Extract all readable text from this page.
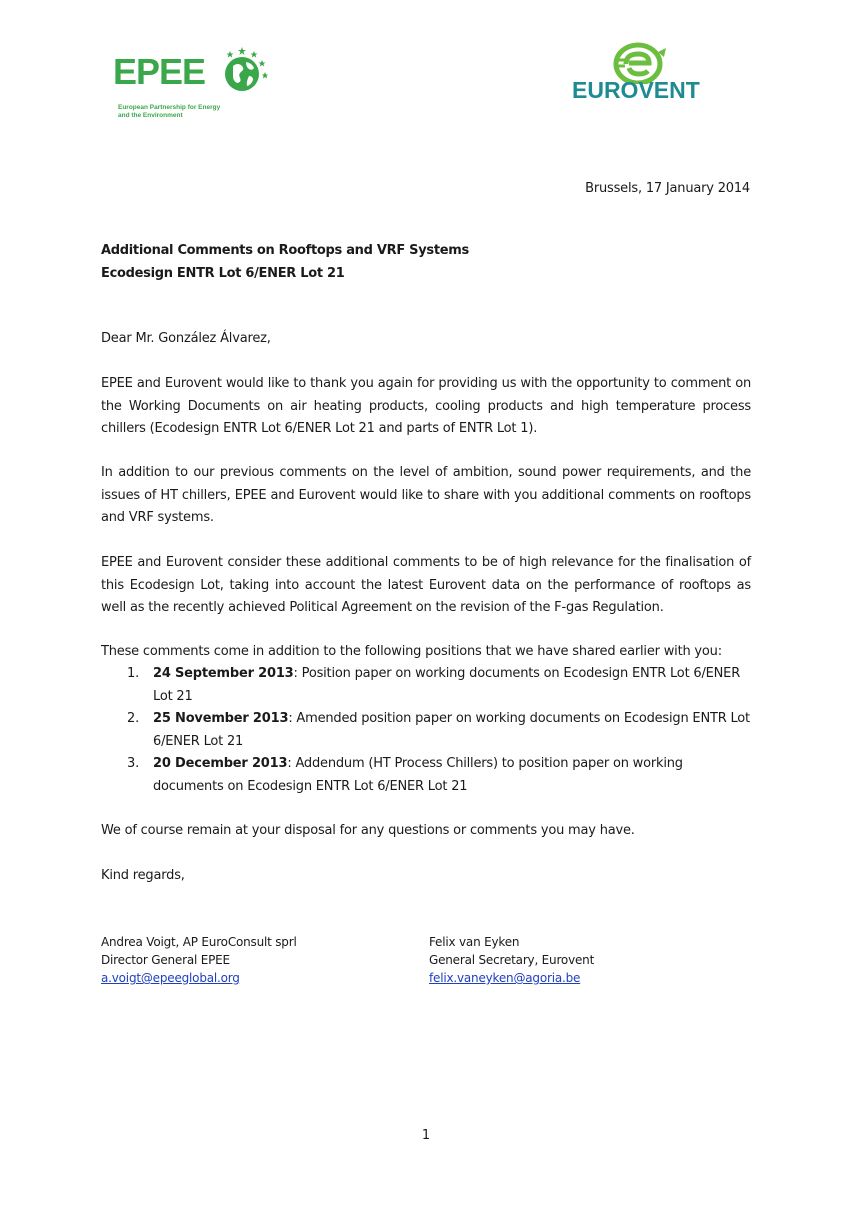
EPEE
European Partnership for Energy
and the Environment
EUROVENT
Brussels, 17 January 2014
Additional Comments on Rooftops and VRF Systems
Ecodesign ENTR Lot 6/ENER Lot 21
Dear Mr. González Álvarez,
EPEE and Eurovent would like to thank you again for providing us with the opportunity to comment on the Working Documents on air heating products, cooling products and high temperature process chillers (Ecodesign ENTR Lot 6/ENER Lot 21 and parts of ENTR Lot 1).
In addition to our previous comments on the level of ambition, sound power requirements, and the issues of HT chillers, EPEE and Eurovent would like to share with you additional comments on rooftops and VRF systems.
EPEE and Eurovent consider these additional comments to be of high relevance for the finalisation of this Ecodesign Lot, taking into account the latest Eurovent data on the performance of rooftops as well as the recently achieved Political Agreement on the revision of the F-gas Regulation.
These comments come in addition to the following positions that we have shared earlier with you:
1. 24 September 2013: Position paper on working documents on Ecodesign ENTR Lot 6/ENER Lot 21
2. 25 November 2013: Amended position paper on working documents on Ecodesign ENTR Lot 6/ENER Lot 21
3. 20 December 2013: Addendum (HT Process Chillers) to position paper on working documents on Ecodesign ENTR Lot 6/ENER Lot 21
We of course remain at your disposal for any questions or comments you may have.
Kind regards,
Andrea Voigt, AP EuroConsult sprl
Director General EPEE
a.voigt@epeeglobal.org
Felix van Eyken
General Secretary, Eurovent
felix.vaneyken@agoria.be
1
